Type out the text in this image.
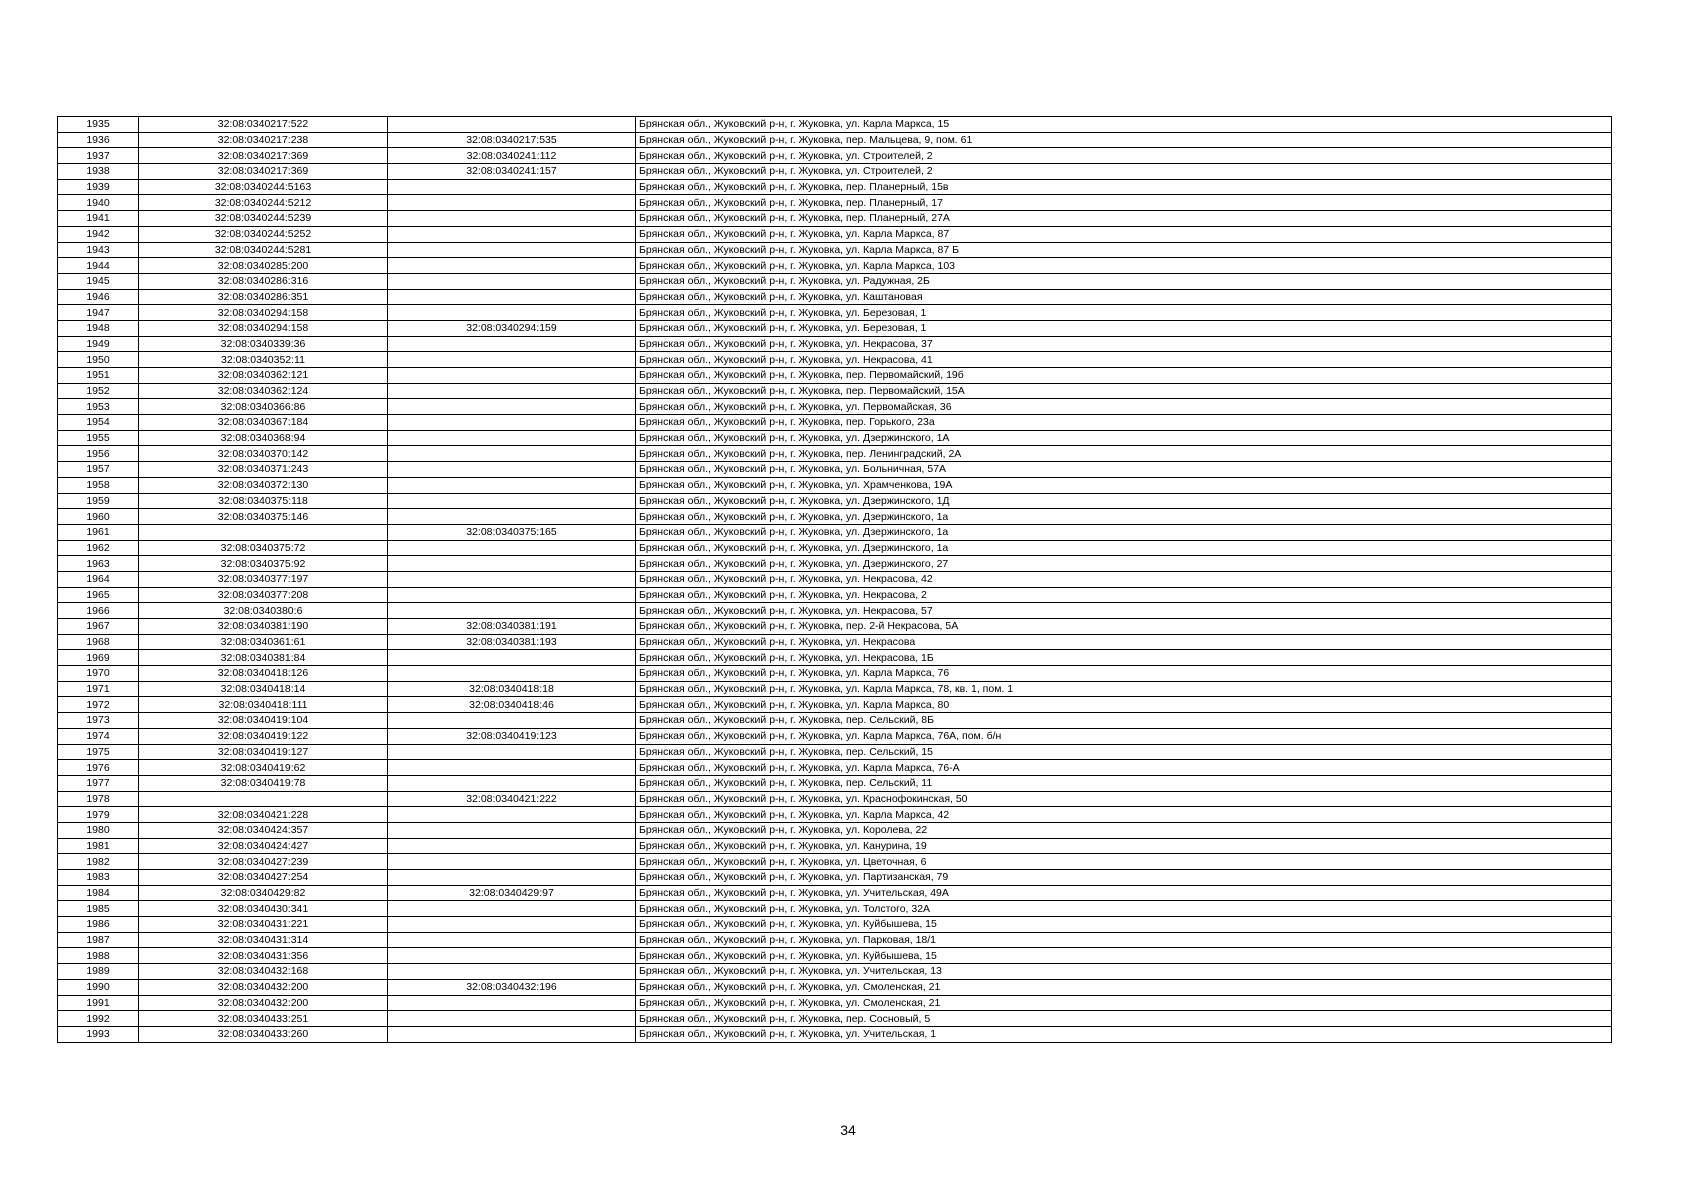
1935	32:08:0340217:522		Брянская обл., Жуковский р-н, г. Жуковка, ул. Карла Маркса, 15
1936	32:08:0340217:238	32:08:0340217:535	Брянская обл., Жуковский р-н, г. Жуковка, пер. Мальцева, 9, пом. 61
1937	32:08:0340217:369	32:08:0340241:112	Брянская обл., Жуковский р-н, г. Жуковка, ул. Строителей, 2
1938	32:08:0340217:369	32:08:0340241:157	Брянская обл., Жуковский р-н, г. Жуковка, ул. Строителей, 2
1939	32:08:0340244:5163		Брянская обл., Жуковский р-н, г. Жуковка, пер. Планерный, 15в
1940	32:08:0340244:5212		Брянская обл., Жуковский р-н, г. Жуковка, пер. Планерный, 17
1941	32:08:0340244:5239		Брянская обл., Жуковский р-н, г. Жуковка, пер. Планерный, 27А
1942	32:08:0340244:5252		Брянская обл., Жуковский р-н, г. Жуковка, ул. Карла Маркса, 87
1943	32:08:0340244:5281		Брянская обл., Жуковский р-н, г. Жуковка, ул. Карла Маркса, 87 Б
1944	32:08:0340285:200		Брянская обл., Жуковский р-н, г. Жуковка, ул. Карла Маркса, 103
1945	32:08:0340286:316		Брянская обл., Жуковский р-н, г. Жуковка, ул. Радужная, 2Б
1946	32:08:0340286:351		Брянская обл., Жуковский р-н, г. Жуковка, ул. Каштановая
1947	32:08:0340294:158		Брянская обл., Жуковский р-н, г. Жуковка, ул. Березовая, 1
1948	32:08:0340294:158	32:08:0340294:159	Брянская обл., Жуковский р-н, г. Жуковка, ул. Березовая, 1
1949	32:08:0340339:36		Брянская обл., Жуковский р-н, г. Жуковка, ул. Некрасова, 37
1950	32:08:0340352:11		Брянская обл., Жуковский р-н, г. Жуковка, ул. Некрасова, 41
1951	32:08:0340362:121		Брянская обл., Жуковский р-н, г. Жуковка, пер. Первомайский, 19б
1952	32:08:0340362:124		Брянская обл., Жуковский р-н, г. Жуковка, пер. Первомайский, 15А
1953	32:08:0340366:86		Брянская обл., Жуковский р-н, г. Жуковка, ул. Первомайская, 36
1954	32:08:0340367:184		Брянская обл., Жуковский р-н, г. Жуковка, пер. Горького, 23а
1955	32:08:0340368:94		Брянская обл., Жуковский р-н, г. Жуковка, ул. Дзержинского, 1А
1956	32:08:0340370:142		Брянская обл., Жуковский р-н, г. Жуковка, пер. Ленинградский, 2А
1957	32:08:0340371:243		Брянская обл., Жуковский р-н, г. Жуковка, ул. Больничная, 57А
1958	32:08:0340372:130		Брянская обл., Жуковский р-н, г. Жуковка, ул. Храмченкова, 19А
1959	32:08:0340375:118		Брянская обл., Жуковский р-н, г. Жуковка, ул. Дзержинского, 1Д
1960	32:08:0340375:146		Брянская обл., Жуковский р-н, г. Жуковка, ул. Дзержинского, 1а
1961		32:08:0340375:165	Брянская обл., Жуковский р-н, г. Жуковка, ул. Дзержинского, 1а
1962	32:08:0340375:72		Брянская обл., Жуковский р-н, г. Жуковка, ул. Дзержинского, 1а
1963	32:08:0340375:92		Брянская обл., Жуковский р-н, г. Жуковка, ул. Дзержинского, 27
1964	32:08:0340377:197		Брянская обл., Жуковский р-н, г. Жуковка, ул. Некрасова, 42
1965	32:08:0340377:208		Брянская обл., Жуковский р-н, г. Жуковка, ул. Некрасова, 2
1966	32:08:0340380:6		Брянская обл., Жуковский р-н, г. Жуковка, ул. Некрасова, 57
1967	32:08:0340381:190	32:08:0340381:191	Брянская обл., Жуковский р-н, г. Жуковка, пер. 2-й Некрасова, 5А
1968	32:08:0340361:61	32:08:0340381:193	Брянская обл., Жуковский р-н, г. Жуковка, ул. Некрасова
1969	32:08:0340381:84		Брянская обл., Жуковский р-н, г. Жуковка, ул. Некрасова, 1Б
1970	32:08:0340418:126		Брянская обл., Жуковский р-н, г. Жуковка, ул. Карла Маркса, 76
1971	32:08:0340418:14	32:08:0340418:18	Брянская обл., Жуковский р-н, г. Жуковка, ул. Карла Маркса, 78, кв. 1, пом. 1
1972	32:08:0340418:111	32:08:0340418:46	Брянская обл., Жуковский р-н, г. Жуковка, ул. Карла Маркса, 80
1973	32:08:0340419:104		Брянская обл., Жуковский р-н, г. Жуковка, пер. Сельский, 8Б
1974	32:08:0340419:122	32:08:0340419:123	Брянская обл., Жуковский р-н, г. Жуковка, ул. Карла Маркса, 76А, пом. б/н
1975	32:08:0340419:127		Брянская обл., Жуковский р-н, г. Жуковка, пер. Сельский, 15
1976	32:08:0340419:62		Брянская обл., Жуковский р-н, г. Жуковка, ул. Карла Маркса, 76-А
1977	32:08:0340419:78		Брянская обл., Жуковский р-н, г. Жуковка, пер. Сельский, 11
1978		32:08:0340421:222	Брянская обл., Жуковский р-н, г. Жуковка, ул. Краснофокинская, 50
1979	32:08:0340421:228		Брянская обл., Жуковский р-н, г. Жуковка, ул. Карла Маркса, 42
1980	32:08:0340424:357		Брянская обл., Жуковский р-н, г. Жуковка, ул. Королева, 22
1981	32:08:0340424:427		Брянская обл., Жуковский р-н, г. Жуковка, ул. Канурина, 19
1982	32:08:0340427:239		Брянская обл., Жуковский р-н, г. Жуковка, ул. Цветочная, 6
1983	32:08:0340427:254		Брянская обл., Жуковский р-н, г. Жуковка, ул. Партизанская, 79
1984	32:08:0340429:82	32:08:0340429:97	Брянская обл., Жуковский р-н, г. Жуковка, ул. Учительская, 49А
1985	32:08:0340430:341		Брянская обл., Жуковский р-н, г. Жуковка, ул. Толстого, 32А
1986	32:08:0340431:221		Брянская обл., Жуковский р-н, г. Жуковка, ул. Куйбышева, 15
1987	32:08:0340431:314		Брянская обл., Жуковский р-н, г. Жуковка, ул. Парковая, 18/1
1988	32:08:0340431:356		Брянская обл., Жуковский р-н, г. Жуковка, ул. Куйбышева, 15
1989	32:08:0340432:168		Брянская обл., Жуковский р-н, г. Жуковка, ул. Учительская, 13
1990	32:08:0340432:200	32:08:0340432:196	Брянская обл., Жуковский р-н, г. Жуковка, ул. Смоленская, 21
1991	32:08:0340432:200		Брянская обл., Жуковский р-н, г. Жуковка, ул. Смоленская, 21
1992	32:08:0340433:251		Брянская обл., Жуковский р-н, г. Жуковка, пер. Сосновый, 5
1993	32:08:0340433:260		Брянская обл., Жуковский р-н, г. Жуковка, ул. Учительская, 1
34
